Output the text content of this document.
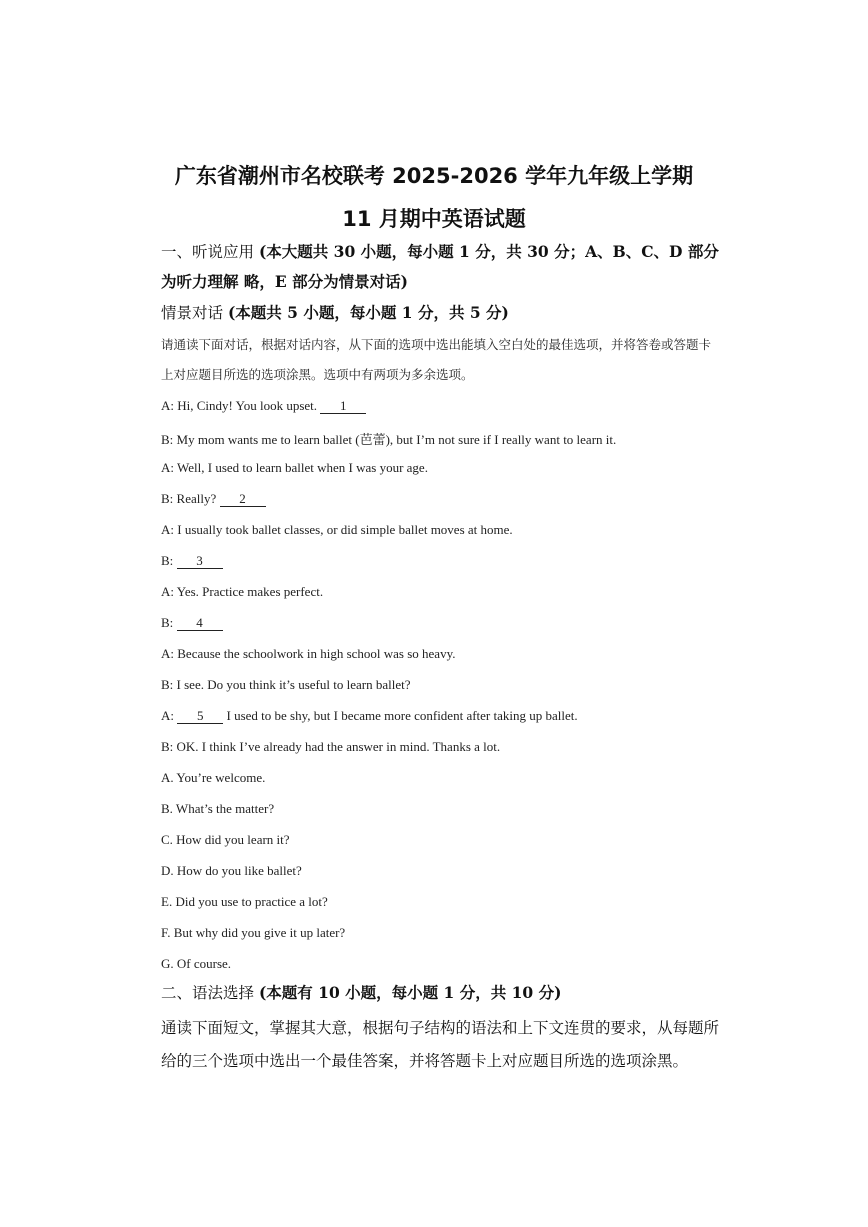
广东省潮州市名校联考 2025-2026 学年九年级上学期
11 月期中英语试题
一、听说应用 (本大题共 30 小题，每小题 1 分，共 30 分；A、B、C、D 部分为听力理解 略，E 部分为情景对话)
情景对话 (本题共 5 小题，每小题 1 分，共 5 分)
请通读下面对话，根据对话内容，从下面的选项中选出能填入空白处的最佳选项，并将答卷或答题卡上对应题目所选的选项涂黑。选项中有两项为多余选项。
A: Hi, Cindy! You look upset. 1
B: My mom wants me to learn ballet (芭蕾), but I’m not sure if I really want to learn it.
A: Well, I used to learn ballet when I was your age.
B: Really? 2
A: I usually took ballet classes, or did simple ballet moves at home.
B: 3
A: Yes. Practice makes perfect.
B: 4
A: Because the schoolwork in high school was so heavy.
B: I see. Do you think it’s useful to learn ballet?
A: 5 I used to be shy, but I became more confident after taking up ballet.
B: OK. I think I’ve already had the answer in mind. Thanks a lot.
A. You’re welcome.
B. What’s the matter?
C. How did you learn it?
D. How do you like ballet?
E. Did you use to practice a lot?
F. But why did you give it up later?
G. Of course.
二、语法选择 (本题有 10 小题，每小题 1 分，共 10 分)
通读下面短文，掌握其大意，根据句子结构的语法和上下文连贯的要求，从每题所给的三个选项中选出一个最佳答案，并将答题卡上对应题目所选的选项涂黑。
